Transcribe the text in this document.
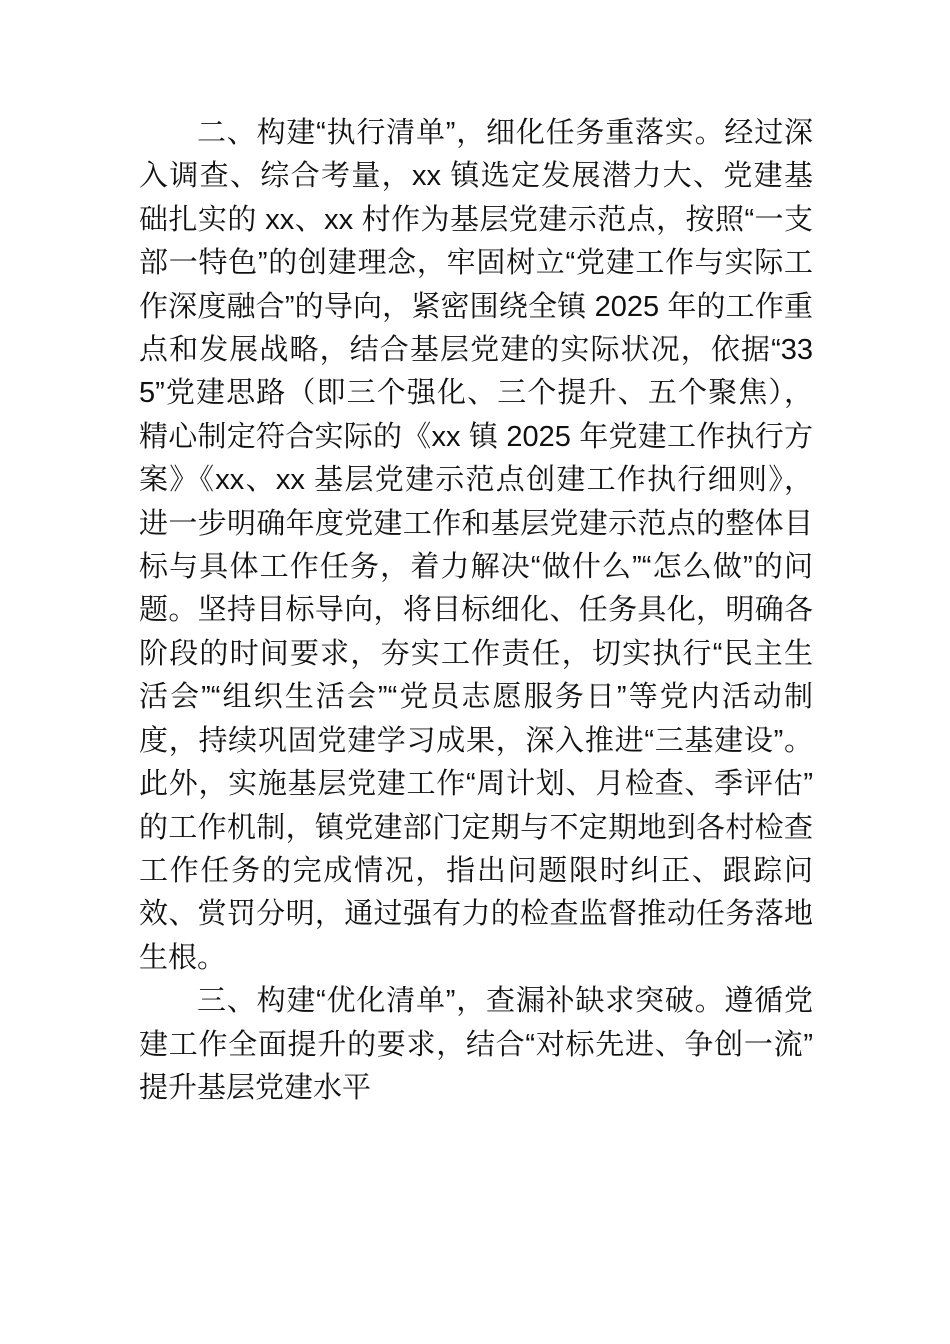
二、构建“执行清单”，细化任务重落实。经过深入调查、综合考量，xx 镇选定发展潜力大、党建基础扎实的 xx、xx 村作为基层党建示范点，按照“一支部一特色”的创建理念，牢固树立“党建工作与实际工作深度融合”的导向，紧密围绕全镇 2025 年的工作重点和发展战略，结合基层党建的实际状况，依据“335”党建思路（即三个强化、三个提升、五个聚焦），精心制定符合实际的《xx 镇 2025 年党建工作执行方案》《xx、xx 基层党建示范点创建工作执行细则》，进一步明确年度党建工作和基层党建示范点的整体目标与具体工作任务，着力解决“做什么”“怎么做”的问题。坚持目标导向，将目标细化、任务具化，明确各阶段的时间要求，夯实工作责任，切实执行“民主生活会”“组织生活会”“党员志愿服务日”等党内活动制度，持续巩固党建学习成果，深入推进“三基建设”。此外，实施基层党建工作“周计划、月检查、季评估”的工作机制，镇党建部门定期与不定期地到各村检查工作任务的完成情况，指出问题限时纠正、跟踪问效、赏罚分明，通过强有力的检查监督推动任务落地生根。

三、构建“优化清单”，查漏补缺求突破。遵循党建工作全面提升的要求，结合“对标先进、争创一流”提升基层党建水平
